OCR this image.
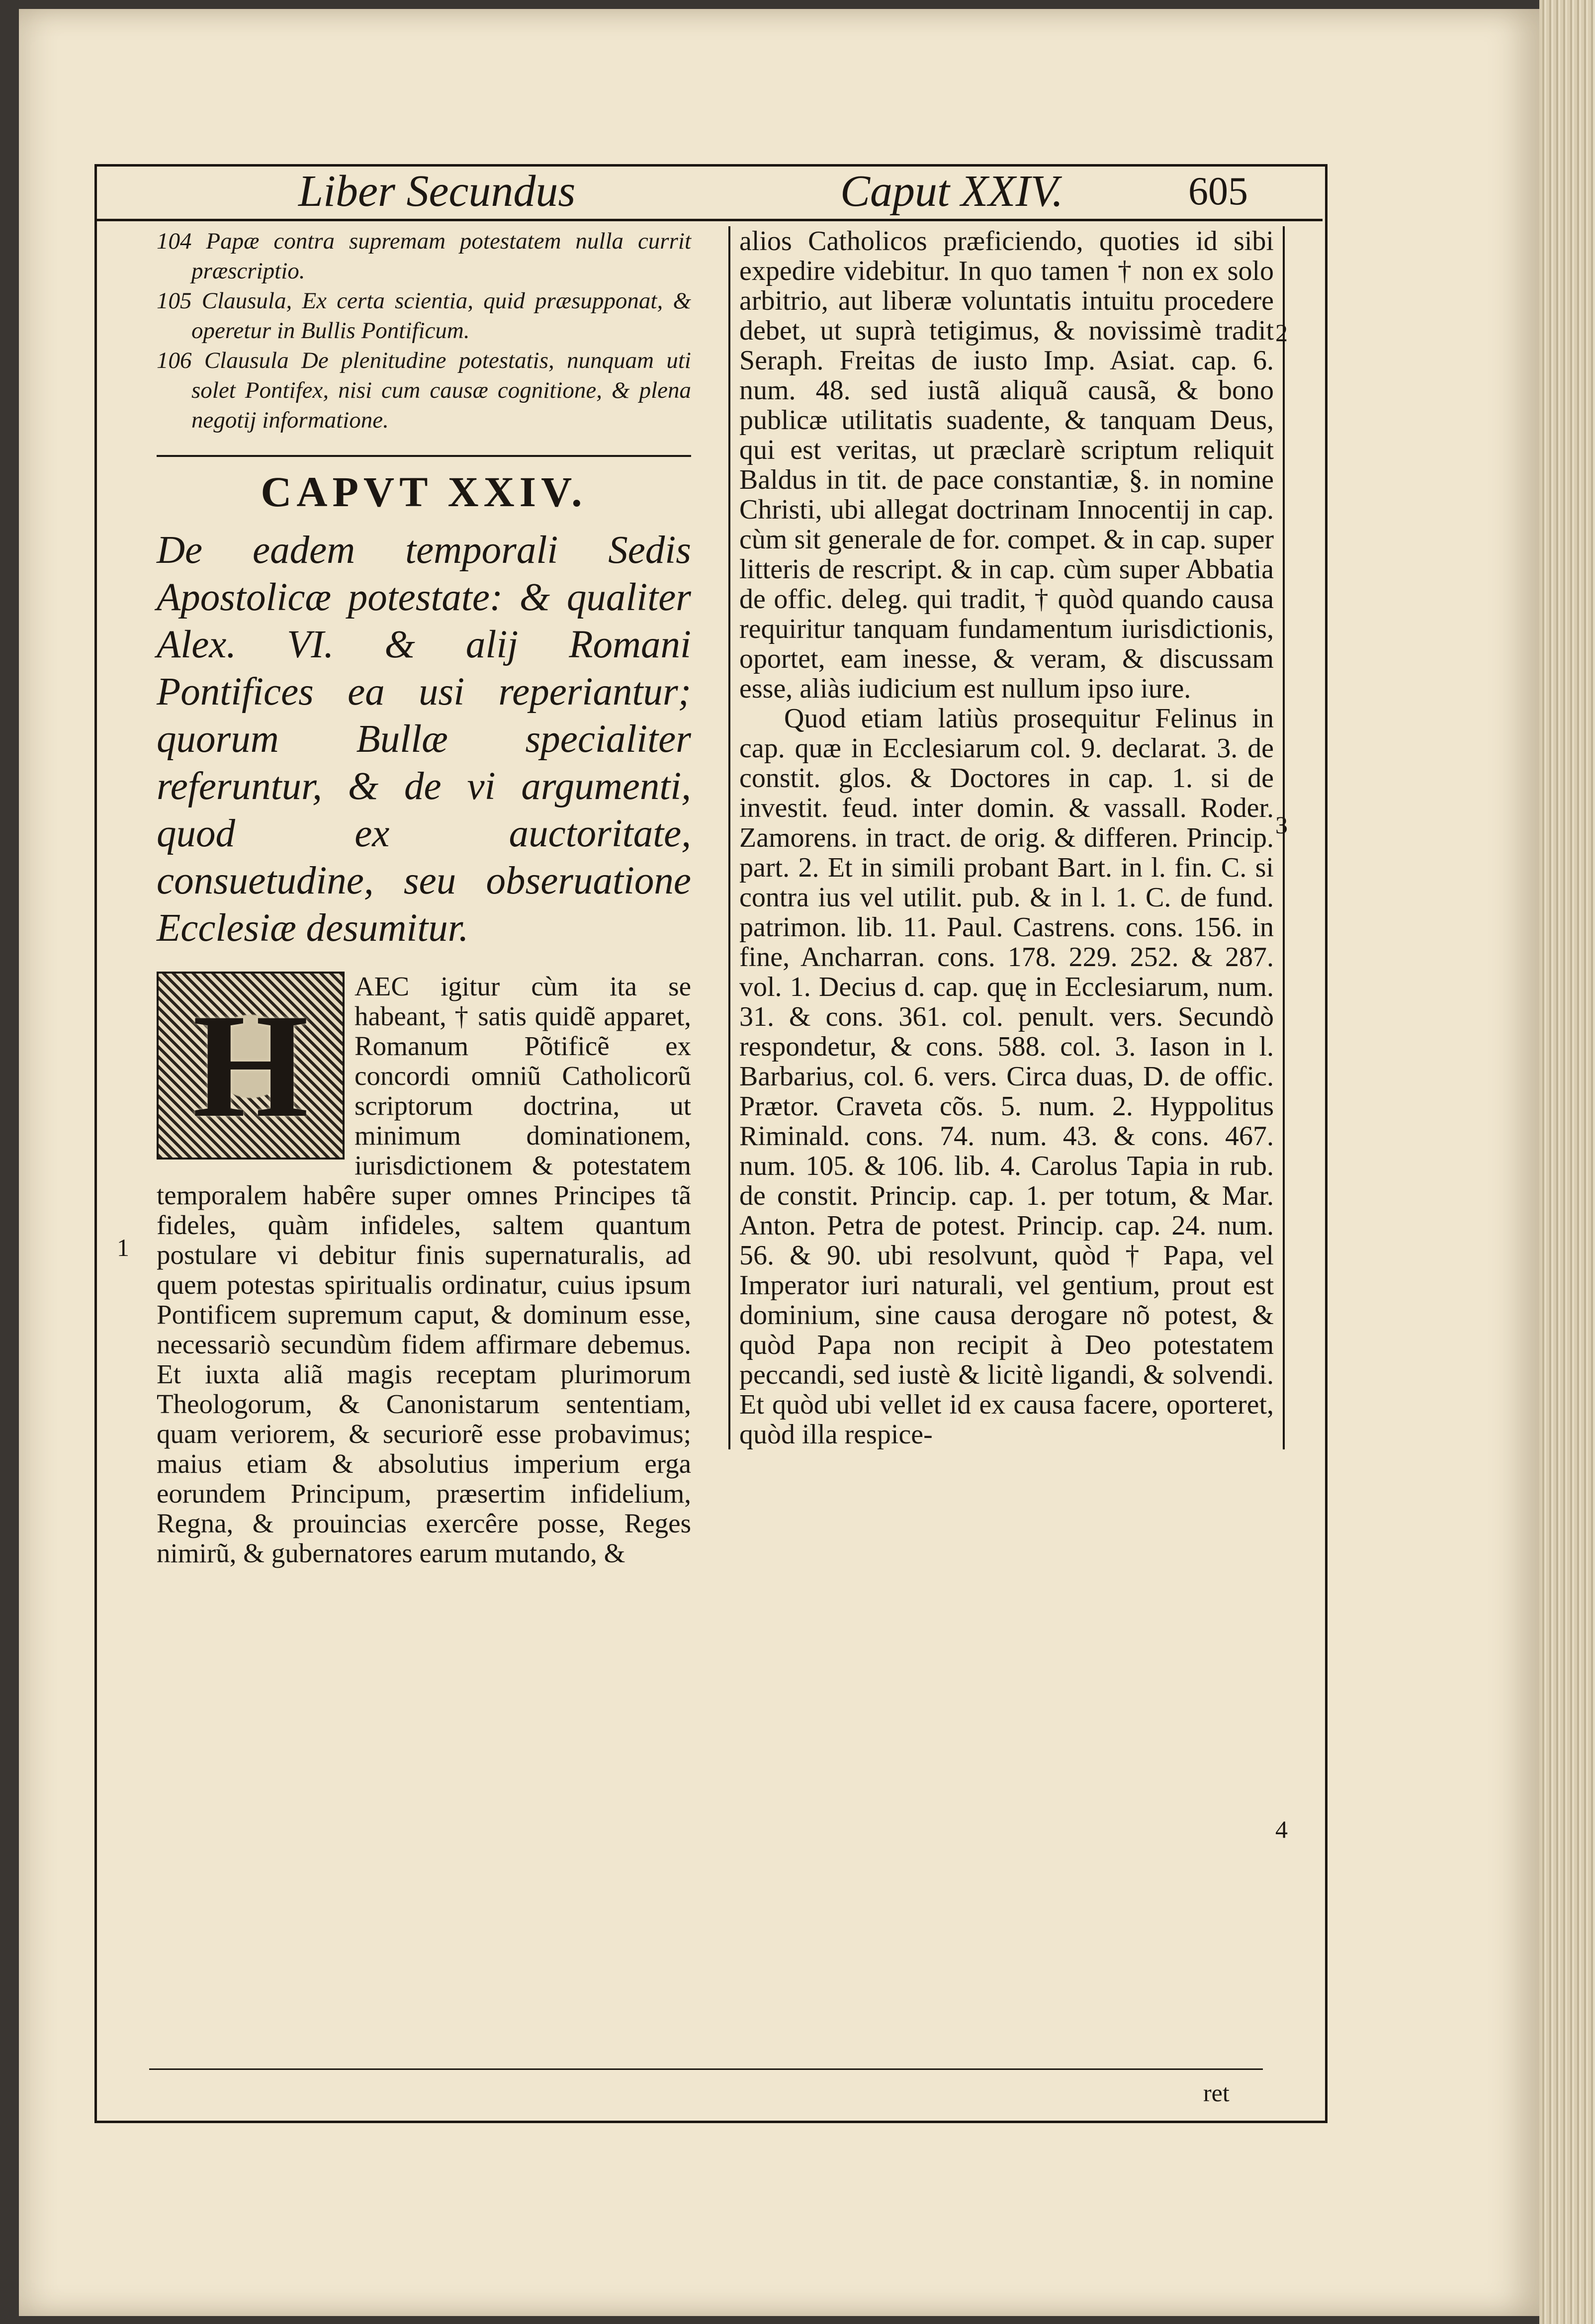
Liber Secundus	Caput XXIV.	605
104 Papæ contra supremam potestatem nulla currit præscriptio.
105 Clausula, Ex certa scientia, quid præsupponat, & operetur in Bullis Pontificum.
106 Clausula De plenitudine potestatis, nunquam uti solet Pontifex, nisi cum causæ cognitione, & plena negotij informatione.
CAPVT XXIV.

De eadem temporali Sedis Apostolicæ potestate: & qualiter Alex. VI. & alij Romani Pontifices ea usi reperiantur; quorum Bullæ specialiter referuntur, & de vi argumenti, quod ex auctoritate, consuetudine, seu obseruatione Ecclesiæ desumitur.

H	AEC igitur cùm ita se habeant, † satis quidẽ apparet, Romanum Põtificẽ ex concordi omniũ Catholicorũ scriptorum doctrina, ut minimum dominationem, iurisdictionem & potestatem temporalem habêre super omnes Principes tã fideles, quàm infideles, saltem quantum postulare vi debitur finis supernaturalis, ad quem potestas spiritualis ordinatur, cuius ipsum Pontificem supremum caput, & dominum esse, necessariò secundùm fidem affirmare debemus. Et iuxta aliã magis receptam plurimorum Theologorum, & Canonistarum sententiam, quam veriorem, & securiorẽ esse probavimus; maius etiam & absolutius imperium erga eorundem Principum, præsertim infidelium, Regna, & prouincias exercêre posse, Reges nimirũ, & gubernatores earum mutando, &

alios Catholicos præficiendo, quoties id sibi expedire videbitur. In quo tamen † non ex solo arbitrio, aut liberæ voluntatis intuitu procedere debet, ut suprà tetigimus, & novissimè tradit Seraph. Freitas de iusto Imp. Asiat. cap. 6. num. 48. sed iustã aliquã causã, & bono publicæ utilitatis suadente, & tanquam Deus, qui est veritas, ut præclarè scriptum reliquit Baldus in tit. de pace constantiæ, §. in nomine Christi, ubi allegat doctrinam Innocentij in cap. cùm sit generale de for. compet. & in cap. super litteris de rescript. & in cap. cùm super Abbatia de offic. deleg. qui tradit, † quòd quando causa requiritur tanquam fundamentum iurisdictionis, oportet, eam inesse, & veram, & discussam esse, aliàs iudicium est nullum ipso iure.

Quod etiam latiùs prosequitur Felinus in cap. quæ in Ecclesiarum col. 9. declarat. 3. de constit. glos. & Doctores in cap. 1. si de investit. feud. inter domin. & vassall. Roder. Zamorens. in tract. de orig. & differen. Princip. part. 2. Et in simili probant Bart. in l. fin. C. si contra ius vel utilit. pub. & in l. 1. C. de fund. patrimon. lib. 11. Paul. Castrens. cons. 156. in fine, Ancharran. cons. 178. 229. 252. & 287. vol. 1. Decius d. cap. quę in Ecclesiarum, num. 31. & cons. 361. col. penult. vers. Secundò respondetur, & cons. 588. col. 3. Iason in l. Barbarius, col. 6. vers. Circa duas, D. de offic. Prætor. Craveta cõs. 5. num. 2. Hyppolitus Riminald. cons. 74. num. 43. & cons. 467. num. 105. & 106. lib. 4. Carolus Tapia in rub. de constit. Princip. cap. 1. per totum, & Mar. Anton. Petra de potest. Princip. cap. 24. num. 56. & 90. ubi resolvunt, quòd † Papa, vel Imperator iuri naturali, vel gentium, prout est dominium, sine causa derogare nõ potest, & quòd Papa non recipit à Deo potestatem peccandi, sed iustè & licitè ligandi, & solvendi. Et quòd ubi vellet id ex causa facere, oporteret, quòd illa respice-

1
2
3
4
ret
